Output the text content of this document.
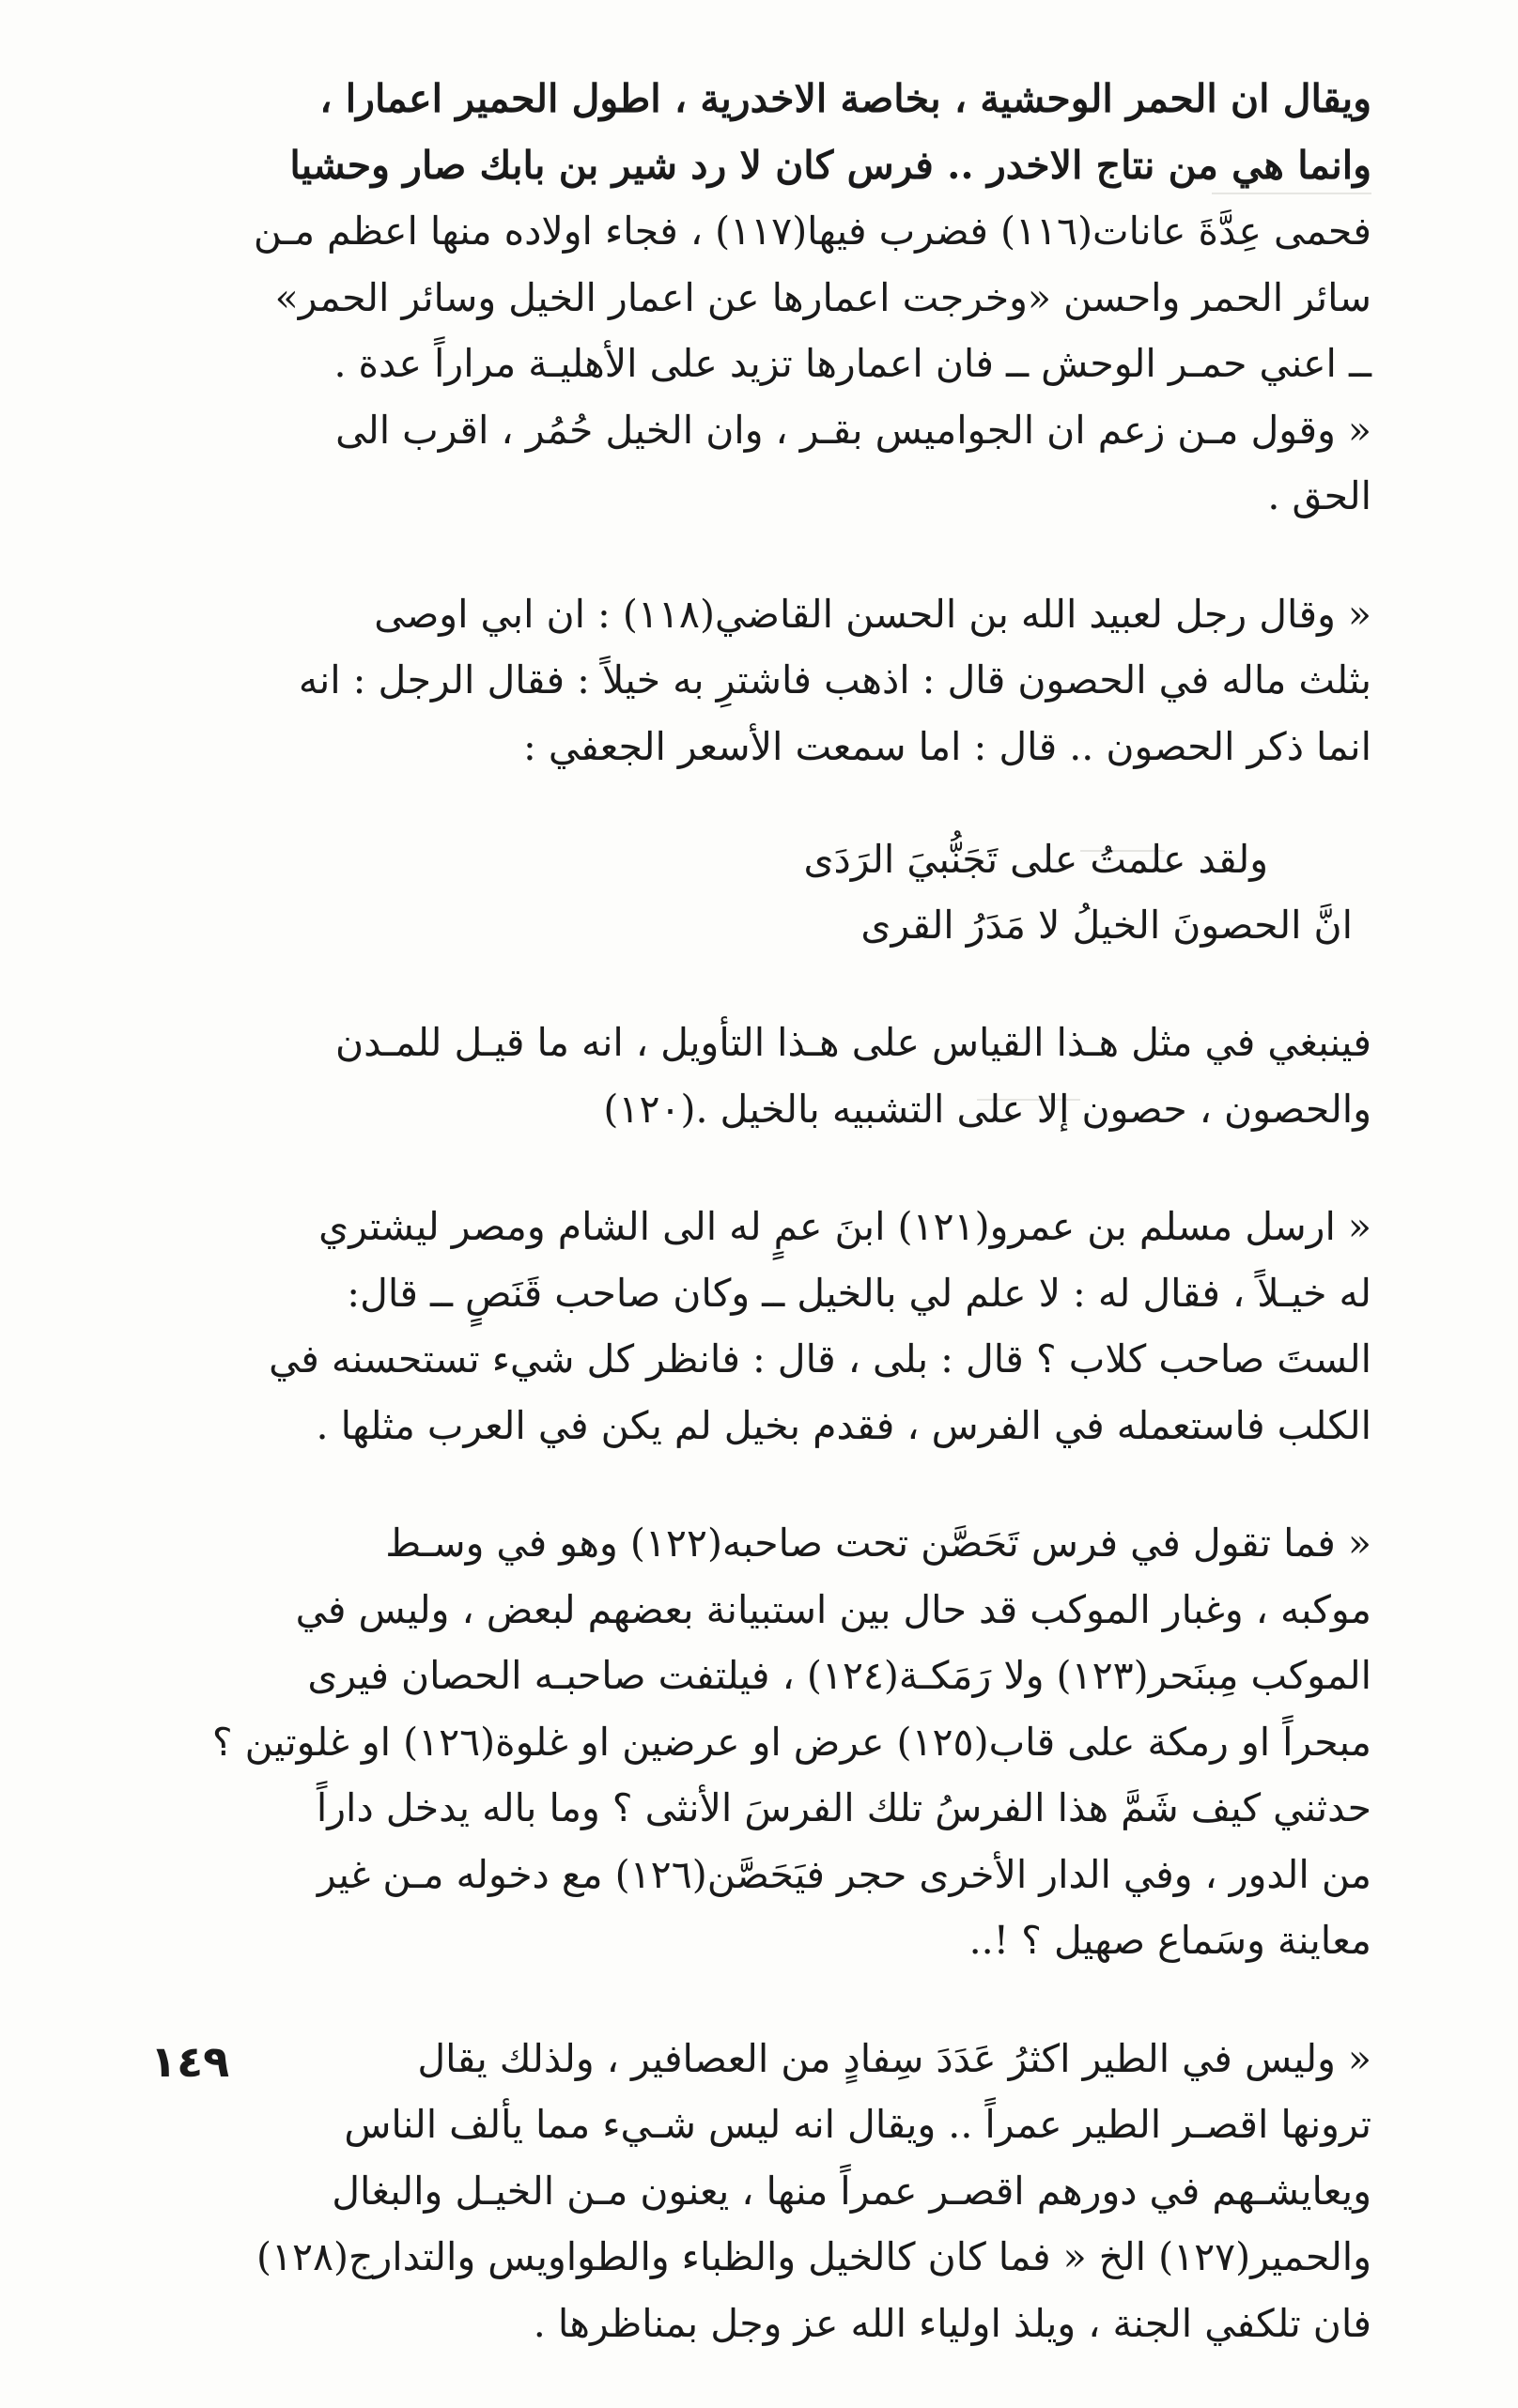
ويقال ان الحمر الوحشية ، بخاصة الاخدرية ، اطول الحمير اعمارا ،
وانما هي من نتاج الاخدر .. فرس كان لا رد شير بن بابك صار وحشيا
فحمى عِدَّةَ عانات(١١٦) فضرب فيها(١١٧) ، فجاء اولاده منها اعظم مـن
سائر الحمر واحسن «وخرجت اعمارها عن اعمار الخيل وسائر الحمر»
ــ اعني حمـر الوحش ــ فان اعمارها تزيد على الأهليـة مراراً عدة .
« وقول مـن زعم ان الجواميس بقـر ، وان الخيل حُمُر ، اقرب الى
الحق .
« وقال رجل لعبيد الله بن الحسن القاضي(١١٨) : ان ابي اوصى
بثلث ماله في الحصون قال : اذهب فاشترِ به خيلاً : فقال الرجل : انه
انما ذكر الحصون .. قال : اما سمعت الأسعر الجعفي :
ولقد علمتُ على تَجَنُّبيَ الرَدَى
انَّ الحصونَ الخيلُ لا مَدَرُ القرى
فينبغي في مثل هـذا القياس على هـذا التأويل ، انه ما قيـل للمـدن
والحصون ، حصون إلا على التشبيه بالخيل .(١٢٠)
« ارسل مسلم بن عمرو(١٢١) ابنَ عمٍ له الى الشام ومصر ليشتري
له خيـلاً ، فقال له : لا علم لي بالخيل ــ وكان صاحب قَنَصٍ ــ قال:
الستَ صاحب كلاب ؟ قال : بلى ، قال : فانظر كل شيء تستحسنه في
الكلب فاستعمله في الفرس ، فقدم بخيل لم يكن في العرب مثلها .
« فما تقول في فرس تَحَصَّن تحت صاحبه(١٢٢) وهو في وسـط
موكبه ، وغبار الموكب قد حال بين استبيانة بعضهم لبعض ، وليس في
الموكب مِبنَحر(١٢٣) ولا رَمَكـة(١٢٤) ، فيلتفت صاحبـه الحصان فيرى
مبحراً او رمكة على قاب(١٢٥) عرض او عرضين او غلوة(١٢٦) او غلوتين ؟
حدثني كيف شَمَّ هذا الفرسُ تلك الفرسَ الأنثى ؟ وما باله يدخل داراً
من الدور ، وفي الدار الأخرى حجر فيَحَصَّن(١٢٦) مع دخوله مـن غير
معاينة وسَماع صهيل ؟ !..
« وليس في الطير اكثرُ عَدَدَ سِفادٍ من العصافير ، ولذلك يقال
ترونها اقصـر الطير عمراً .. ويقال انه ليس شـيء مما يألف الناس
ويعايشـهم في دورهم اقصـر عمراً منها ، يعنون مـن الخيـل والبغال
والحمير(١٢٧) الخ « فما كان كالخيل والظباء والطواويس والتدارج(١٢٨)
فان تلكفي الجنة ، ويلذ اولياء الله عز وجل بمناظرها .
١٤٩
